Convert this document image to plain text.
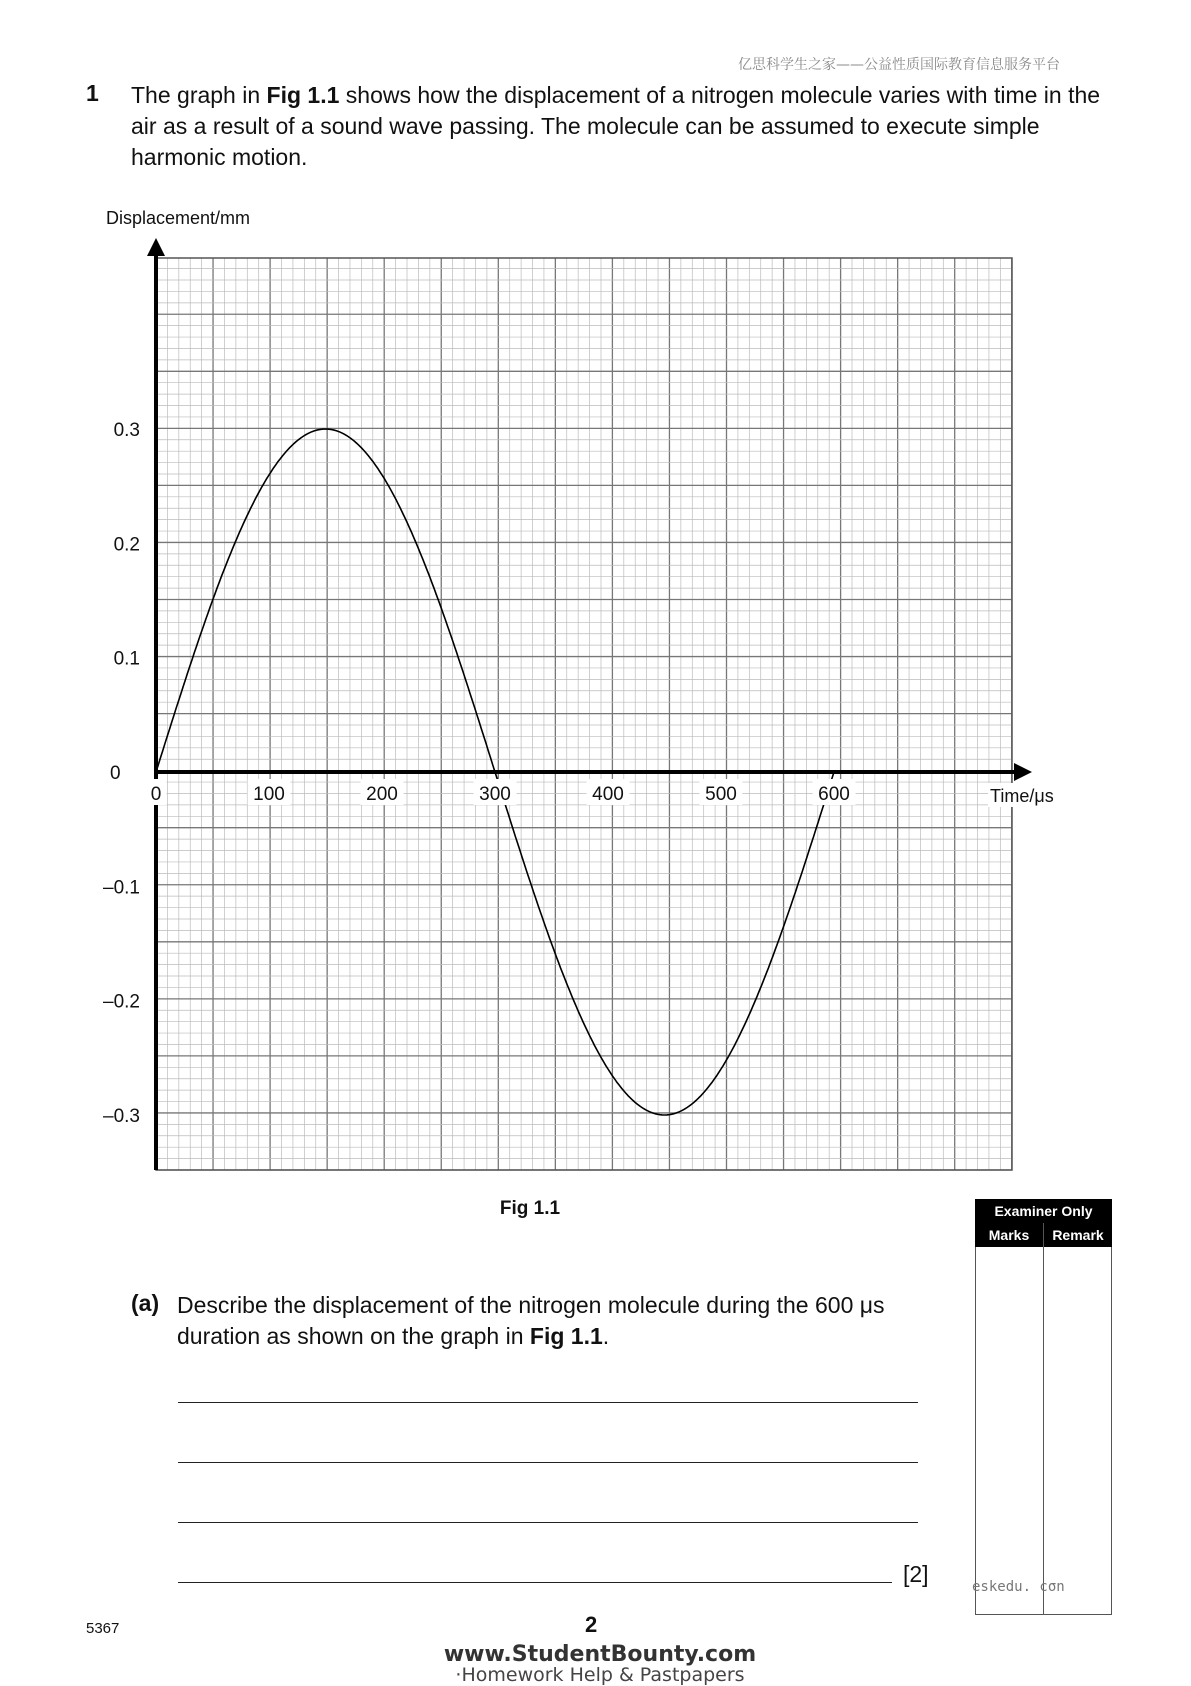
亿思科学生之家——公益性质国际教育信息服务平台
1 The graph in Fig 1.1 shows how the displacement of a nitrogen molecule varies with time in the air as a result of a sound wave passing. The molecule can be assumed to execute simple harmonic motion.
Displacement/mm
0	100	200	300	400	500	600	Time/μs
0.3
0.2
0.1
0
–0.1
–0.2
–0.3
Fig 1.1
(a) Describe the displacement of the nitrogen molecule during the 600 μs duration as shown on the graph in Fig 1.1.
[2]
Examiner Only
Marks	Remark
eskedu. cσn
5367	2
www.StudentBounty.com
·Homework Help & Pastpapers
